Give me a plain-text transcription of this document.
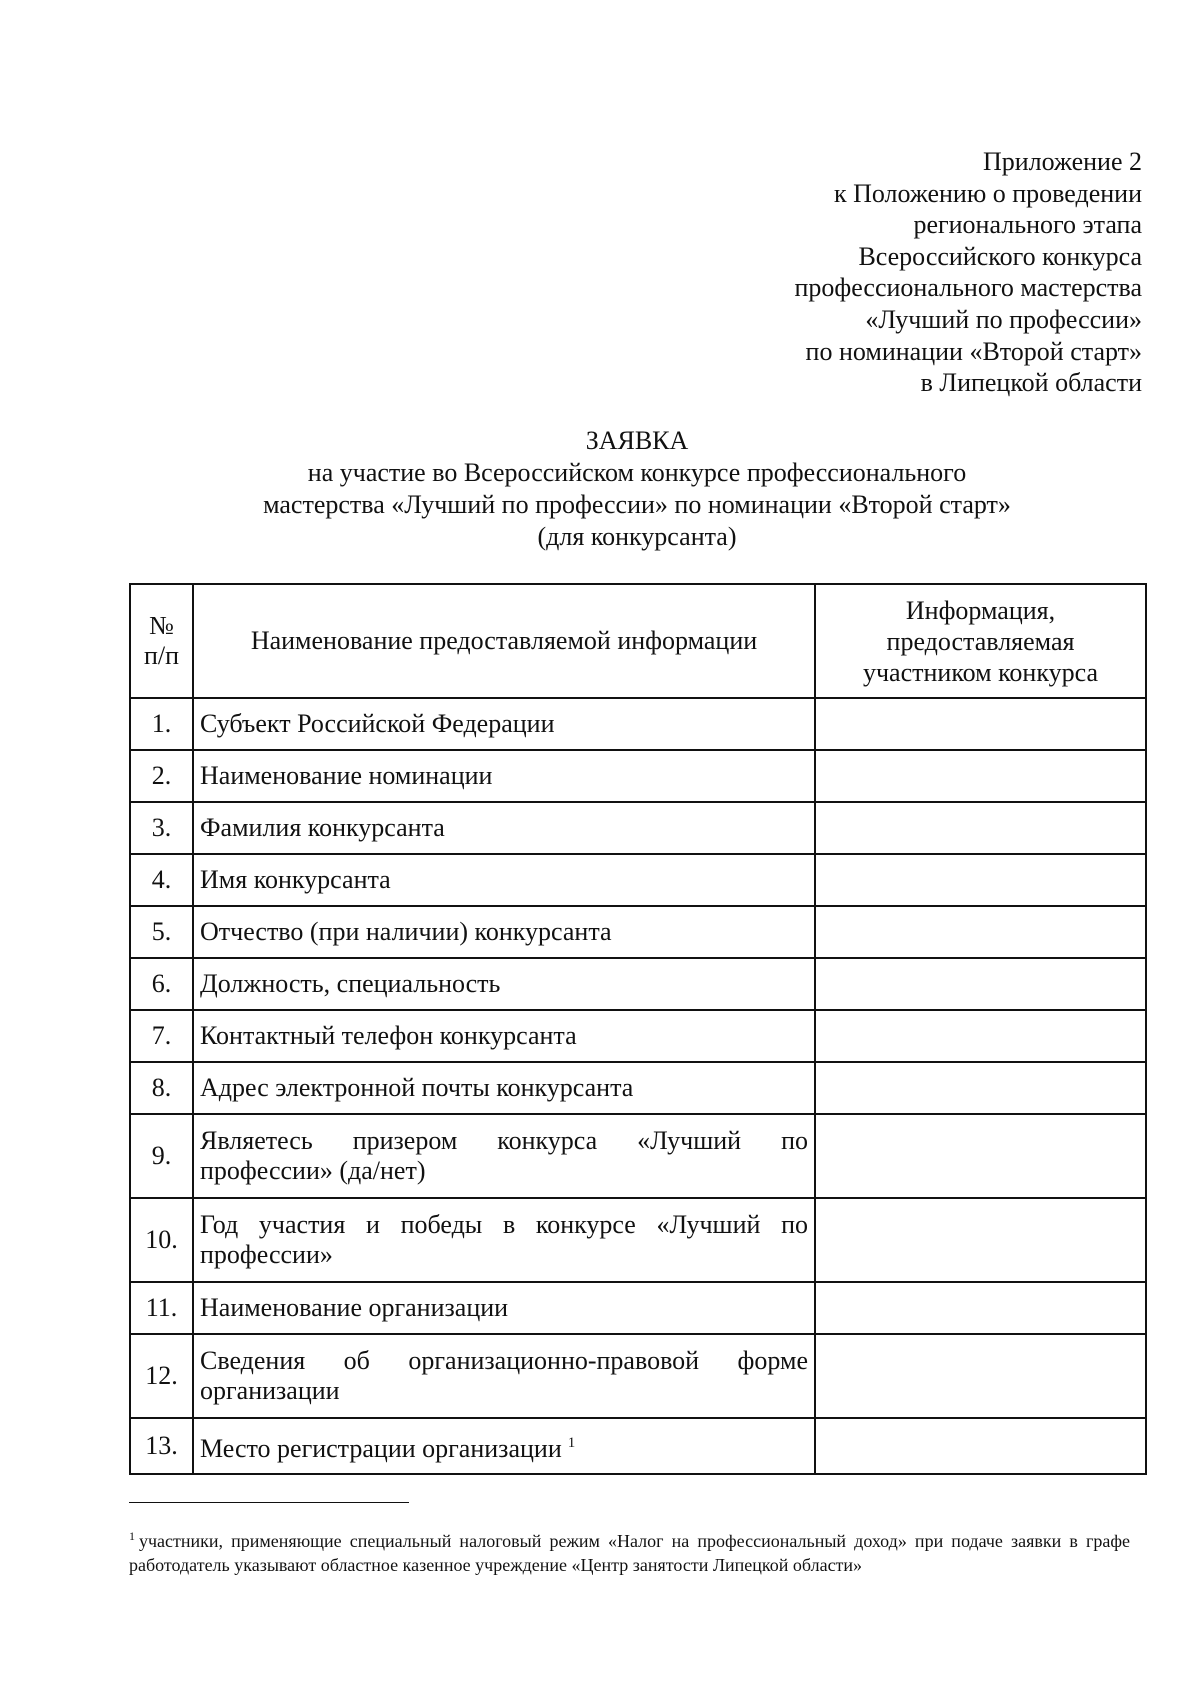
Приложение 2
к Положению о проведении
регионального этапа
Всероссийского конкурса
профессионального мастерства
«Лучший по профессии»
по номинации «Второй старт»
в Липецкой области
ЗАЯВКА
на участие во Всероссийском конкурсе профессионального
мастерства «Лучший по профессии» по номинации «Второй старт»
(для конкурсанта)
№
п/п	Наименование предоставляемой информации	Информация, предоставляемая участником конкурса
1.	Субъект Российской Федерации	
2.	Наименование номинации	
3.	Фамилия конкурсанта	
4.	Имя конкурсанта	
5.	Отчество (при наличии) конкурсанта	
6.	Должность, специальность	
7.	Контактный телефон конкурсанта	
8.	Адрес электронной почты конкурсанта	
9.	Являетесь призером конкурса «Лучший по профессии» (да/нет)	
10.	Год участия и победы в конкурсе «Лучший по профессии»	
11.	Наименование организации	
12.	Сведения об организационно-правовой форме организации	
13.	Место регистрации организации $^1$	
$^1$ участники, применяющие специальный налоговый режим «Налог на профессиональный доход» при подаче заявки в графе работодатель указывают областное казенное учреждение «Центр занятости Липецкой области»
